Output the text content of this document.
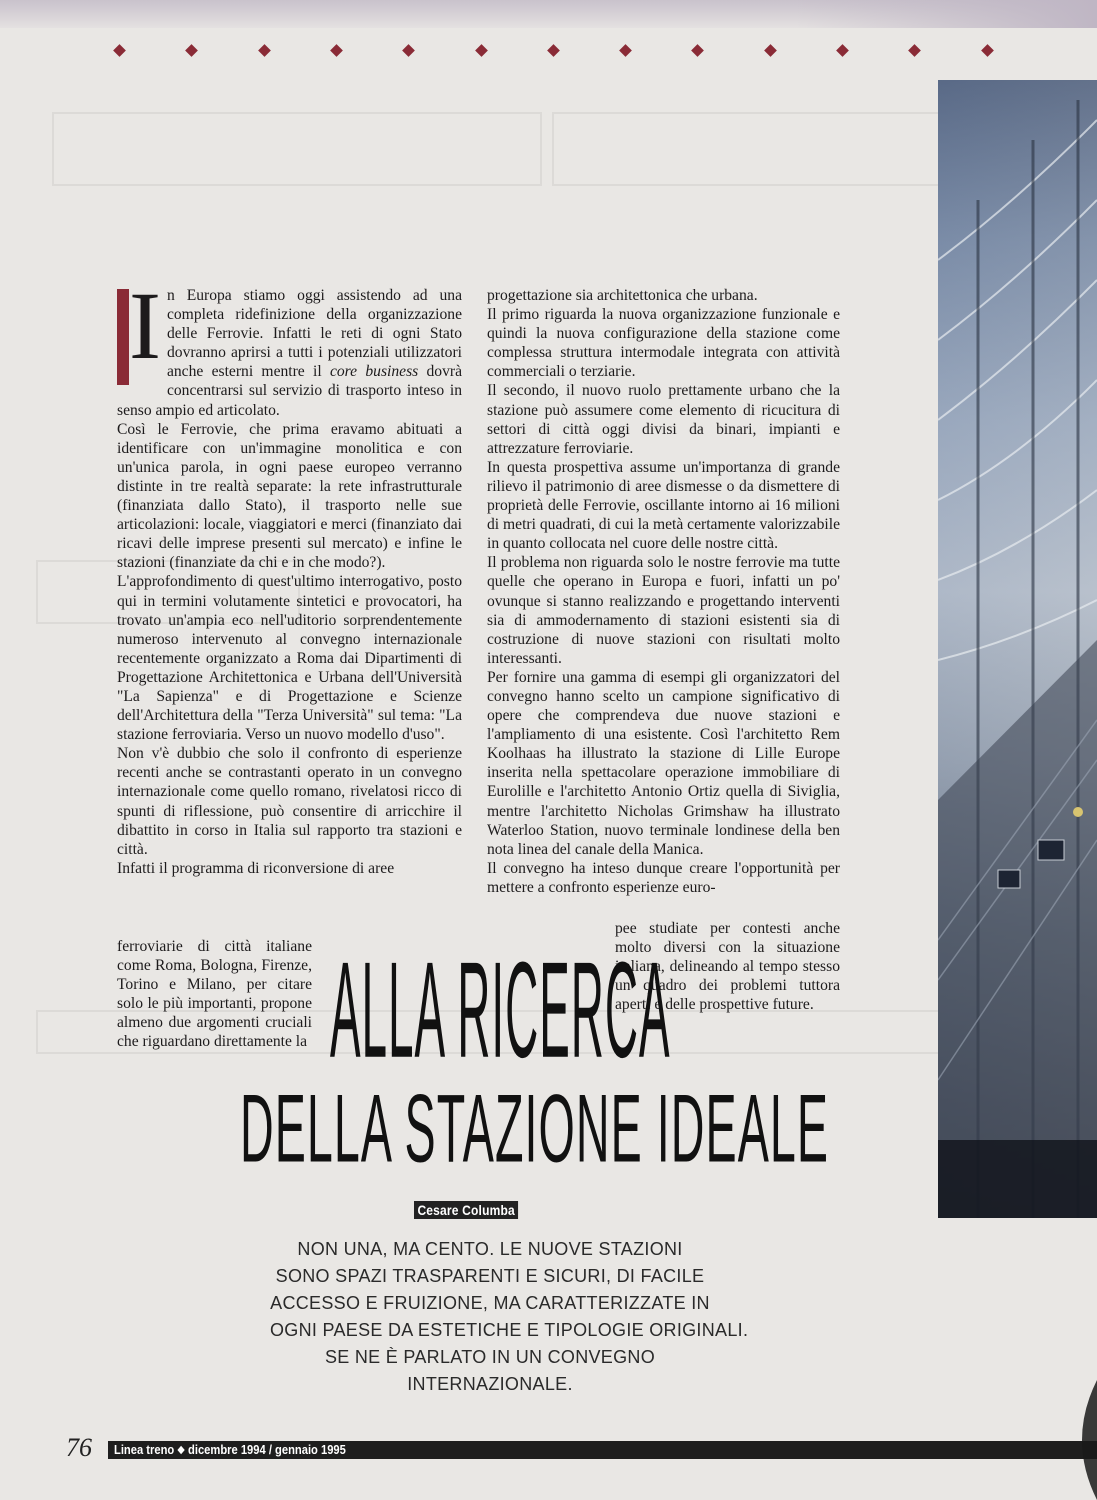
In Europa stiamo oggi assistendo ad una completa ridefinizione della organizzazione delle Ferrovie. Infatti le reti di ogni Stato dovranno aprirsi a tutti i potenziali utilizzatori anche esterni mentre il core business dovrà concentrarsi sul servizio di trasporto inteso in senso ampio ed articolato.

Così le Ferrovie, che prima eravamo abituati a identificare con un'immagine monolitica e con un'unica parola, in ogni paese europeo verranno distinte in tre realtà separate: la rete infrastrutturale (finanziata dallo Stato), il trasporto nelle sue articolazioni: locale, viaggiatori e merci (finanziato dai ricavi delle imprese presenti sul mercato) e infine le stazioni (finanziate da chi e in che modo?).

L'approfondimento di quest'ultimo interrogativo, posto qui in termini volutamente sintetici e provocatori, ha trovato un'ampia eco nell'uditorio sorprendentemente numeroso intervenuto al convegno internazionale recentemente organizzato a Roma dai Dipartimenti di Progettazione Architettonica e Urbana dell'Università "La Sapienza" e di Progettazione e Scienze dell'Architettura della "Terza Università" sul tema: "La stazione ferroviaria. Verso un nuovo modello d'uso".

Non v'è dubbio che solo il confronto di esperienze recenti anche se contrastanti operato in un convegno internazionale come quello romano, rivelatosi ricco di spunti di riflessione, può consentire di arricchire il dibattito in corso in Italia sul rapporto tra stazioni e città.

Infatti il programma di riconversione di aree

ferroviarie di città italiane come Roma, Bologna, Firenze, Torino e Milano, per citare solo le più importanti, propone almeno due argomenti cruciali che riguardano direttamente la

progettazione sia architettonica che urbana.

Il primo riguarda la nuova organizzazione funzionale e quindi la nuova configurazione della stazione come complessa struttura intermodale integrata con attività commerciali o terziarie.

Il secondo, il nuovo ruolo prettamente urbano che la stazione può assumere come elemento di ricucitura di settori di città oggi divisi da binari, impianti e attrezzature ferroviarie.

In questa prospettiva assume un'importanza di grande rilievo il patrimonio di aree dismesse o da dismettere di proprietà delle Ferrovie, oscillante intorno ai 16 milioni di metri quadrati, di cui la metà certamente valorizzabile in quanto collocata nel cuore delle nostre città.

Il problema non riguarda solo le nostre ferrovie ma tutte quelle che operano in Europa e fuori, infatti un po' ovunque si stanno realizzando e progettando interventi sia di ammodernamento di stazioni esistenti sia di costruzione di nuove stazioni con risultati molto interessanti.

Per fornire una gamma di esempi gli organizzatori del convegno hanno scelto un campione significativo di opere che comprendeva due nuove stazioni e l'ampliamento di una esistente. Così l'architetto Rem Koolhaas ha illustrato la stazione di Lille Europe inserita nella spettacolare operazione immobiliare di Eurolille e l'architetto Antonio Ortiz quella di Siviglia, mentre l'architetto Nicholas Grimshaw ha illustrato Waterloo Station, nuovo terminale londinese della ben nota linea del canale della Manica.

Il convegno ha inteso dunque creare l'opportunità per mettere a confronto esperienze euro-

pee studiate per contesti anche molto diversi con la situazione italiana, delineando al tempo stesso un quadro dei problemi tuttora aperti e delle prospettive future.

ALLA RICERCA
DELLA STAZIONE IDEALE
Cesare Columba
NON UNA, MA CENTO. LE NUOVE STAZIONI
SONO SPAZI TRASPARENTI E SICURI, DI FACILE
ACCESSO E FRUIZIONE, MA CARATTERIZZATE IN
OGNI PAESE DA ESTETICHE E TIPOLOGIE ORIGINALI.
SE NE È PARLATO IN UN CONVEGNO
INTERNAZIONALE.
76 Linea treno dicembre 1994 / gennaio 1995
